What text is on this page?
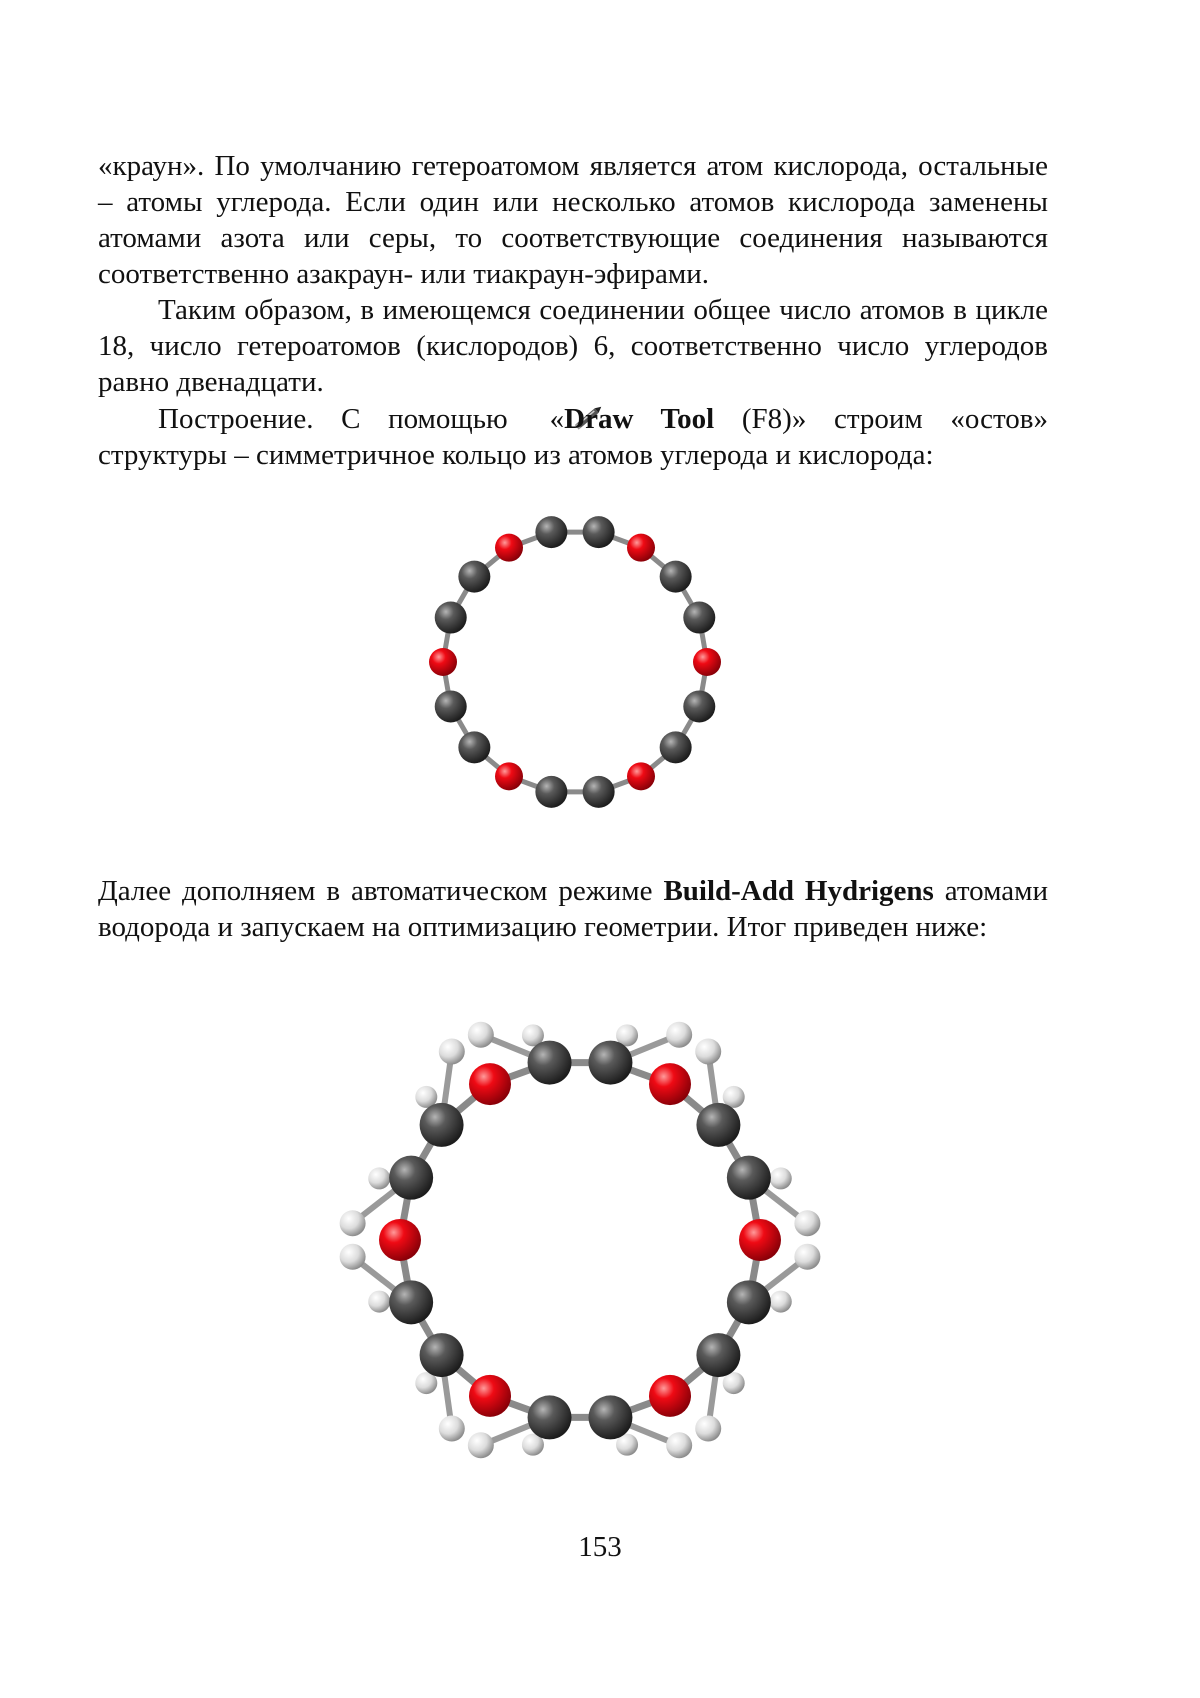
«краун». По умолчанию гетероатомом является атом кислорода, остальные – атомы углерода. Если один или несколько атомов кислорода заменены атомами азота или серы, то соответствующие соединения называются соответственно азакраун- или тиакраун-эфирами.

Таким образом, в имеющемся соединении общее число атомов в цикле 18, число гетероатомов (кислородов) 6, соответственно число углеродов равно двенадцати.

Построение. С помощью «Draw Tool (F8)» строим «остов» структуры – симметричное кольцо из атомов углерода и кислорода:

Далее дополняем в автоматическом режиме Build-Add Hydrigens атомами водорода и запускаем на оптимизацию геометрии. Итог приведен ниже:

153
